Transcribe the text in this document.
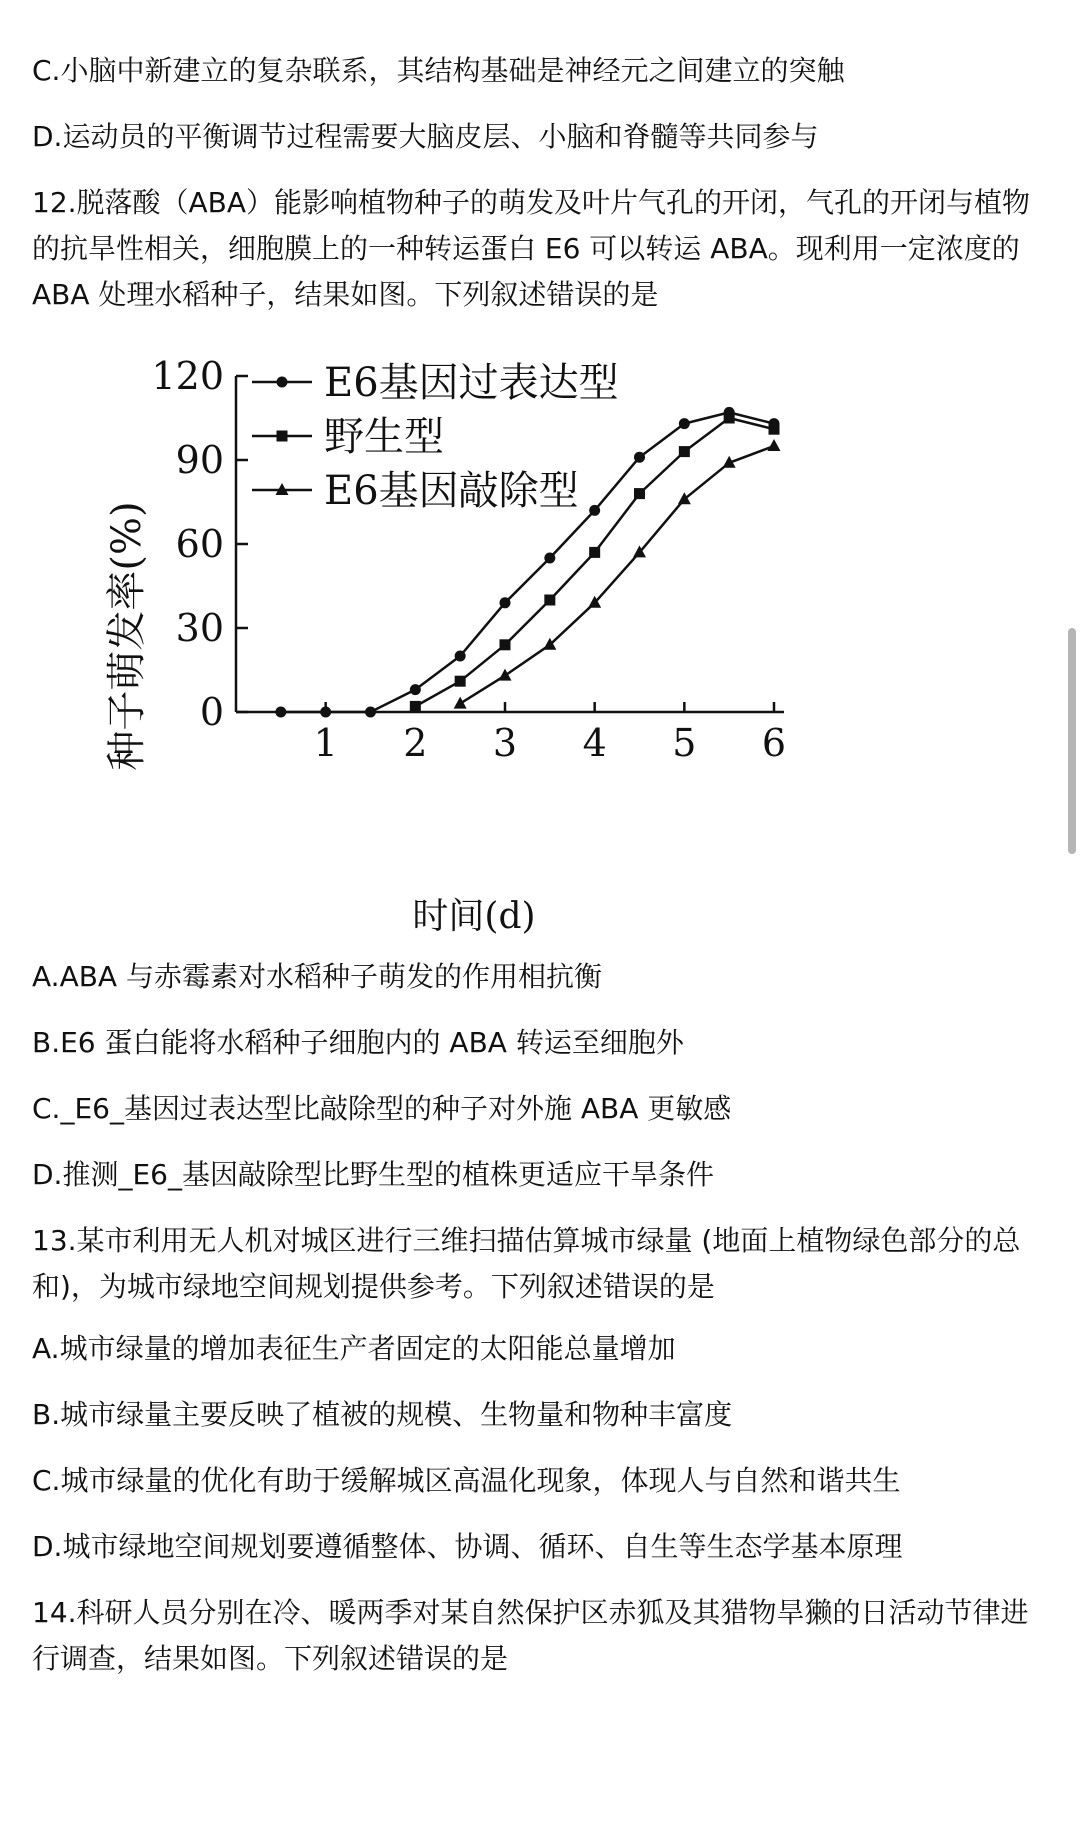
C.小脑中新建立的复杂联系，其结构基础是神经元之间建立的突触

D.运动员的平衡调节过程需要大脑皮层、小脑和脊髓等共同参与

12.脱落酸（ABA）能影响植物种子的萌发及叶片气孔的开闭，气孔的开闭与植物

的抗旱性相关，细胞膜上的一种转运蛋白 E6 可以转运 ABA。现利用一定浓度的

ABA 处理水稻种子，结果如图。下列叙述错误的是

0
30
60
90
120
1 2 3 4 5 6
E6基因过表达型
野生型
E6基因敲除型
种子萌发率(%)
时间(d)

A.ABA 与赤霉素对水稻种子萌发的作用相抗衡

B.E6 蛋白能将水稻种子细胞内的 ABA 转运至细胞外

C._E6_基因过表达型比敲除型的种子对外施 ABA 更敏感

D.推测_E6_基因敲除型比野生型的植株更适应干旱条件

13.某市利用无人机对城区进行三维扫描估算城市绿量 (地面上植物绿色部分的总

和)，为城市绿地空间规划提供参考。下列叙述错误的是

A.城市绿量的增加表征生产者固定的太阳能总量增加

B.城市绿量主要反映了植被的规模、生物量和物种丰富度

C.城市绿量的优化有助于缓解城区高温化现象，体现人与自然和谐共生

D.城市绿地空间规划要遵循整体、协调、循环、自生等生态学基本原理

14.科研人员分别在冷、暖两季对某自然保护区赤狐及其猎物旱獭的日活动节律进

行调查，结果如图。下列叙述错误的是
